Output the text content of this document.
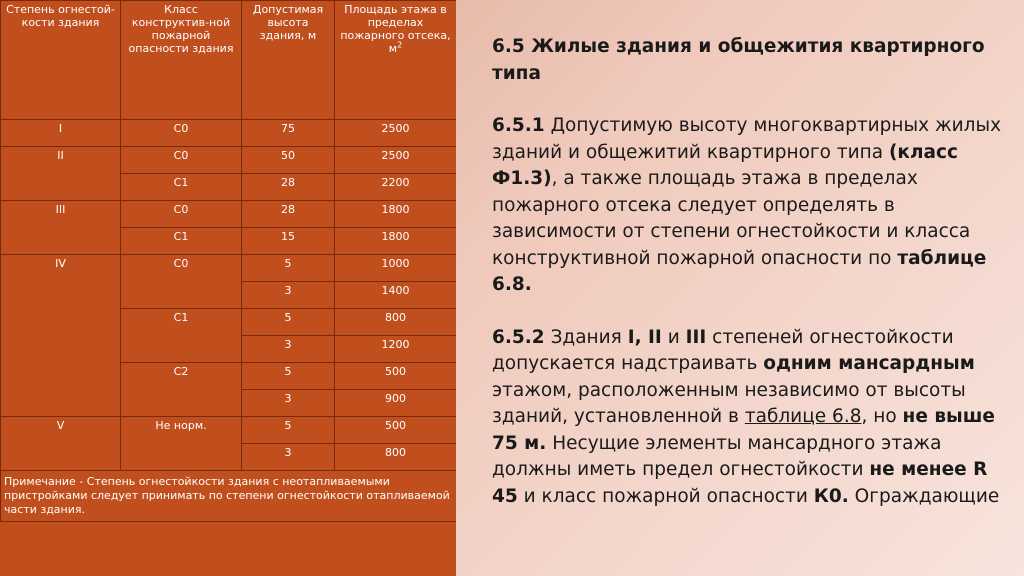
Степень огнестой-кости здания	Класс конструктив-ной пожарной опасности здания	Допустимая высота здания, м	Площадь этажа в пределах пожарного отсека, $м^2$
I	С0	75	2500
II	С0	50	2500
	С1	28	2200
III	С0	28	1800
	С1	15	1800
IV	С0	5	1000
		3	1400
	С1	5	800
		3	1200
	С2	5	500
		3	900
V	Не норм.	5	500
		3	800
Примечание - Степень огнестойкости здания с неотапливаемыми пристройками следует принимать по степени огнестойкости отапливаемой части здания.			

6.5 Жилые здания и общежития квартирного типа

6.5.1 Допустимую высоту многоквартирных жилых зданий и общежитий квартирного типа (класс Ф1.3), а также площадь этажа в пределах пожарного отсека следует определять в зависимости от степени огнестойкости и класса конструктивной пожарной опасности по таблице 6.8.

6.5.2 Здания I, II и III степеней огнестойкости допускается надстраивать одним мансардным этажом, расположенным независимо от высоты зданий, установленной в таблице 6.8, но не выше 75 м. Несущие элементы мансардного этажа должны иметь предел огнестойкости не менее R 45 и класс пожарной опасности К0. Ограждающие
